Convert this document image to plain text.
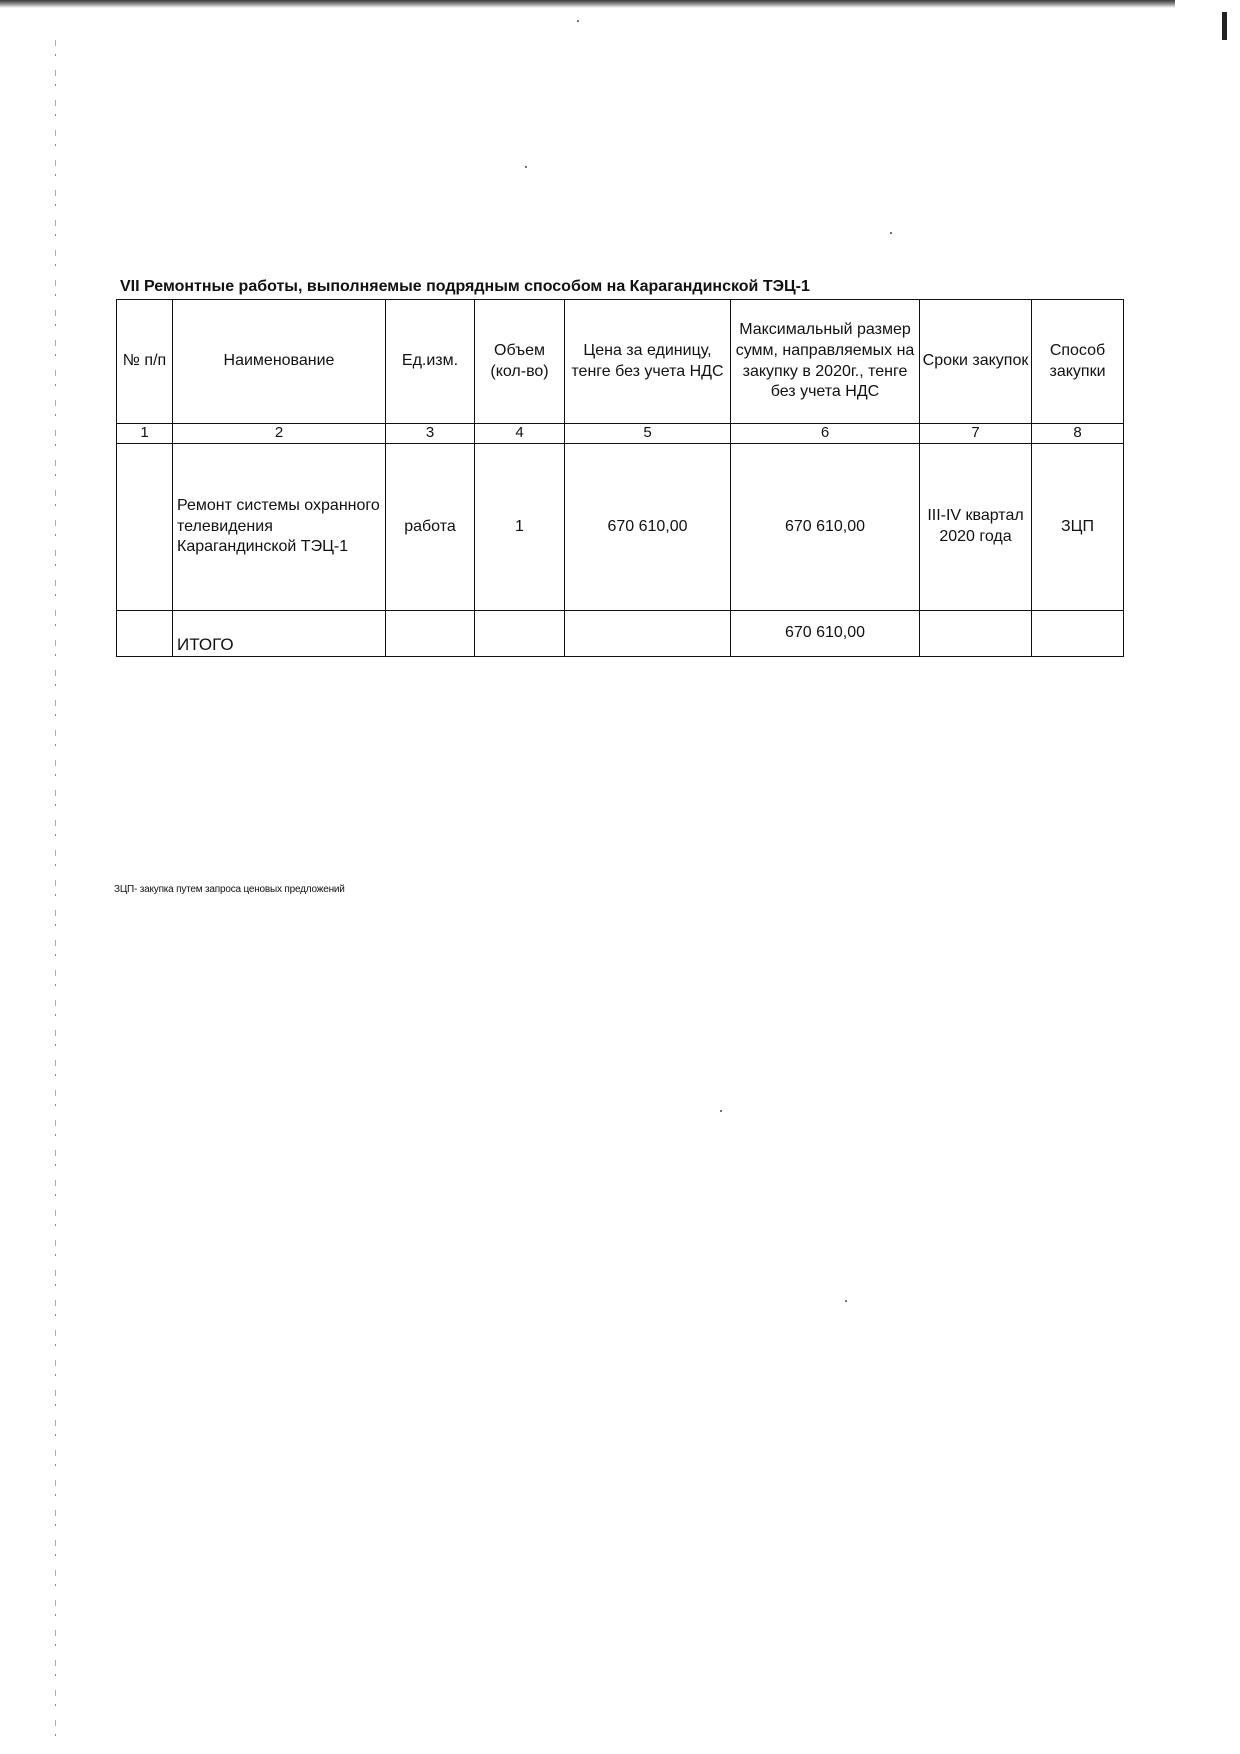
VII Ремонтные работы, выполняемые подрядным способом на Карагандинской ТЭЦ-1
№ п/п	Наименование	Ед.изм.	Объем (кол-во)	Цена за единицу, тенге без учета НДС	Максимальный размер сумм, направляемых на закупку в 2020г., тенге без учета НДС	Сроки закупок	Способ закупки
1	2	3	4	5	6	7	8
	Ремонт системы охранного телевидения Карагандинской ТЭЦ-1	работа	1	670 610,00	670 610,00	III-IV квартал 2020 года	ЗЦП
	ИТОГО				670 610,00		
ЗЦП- закупка путем запроса ценовых предложений
